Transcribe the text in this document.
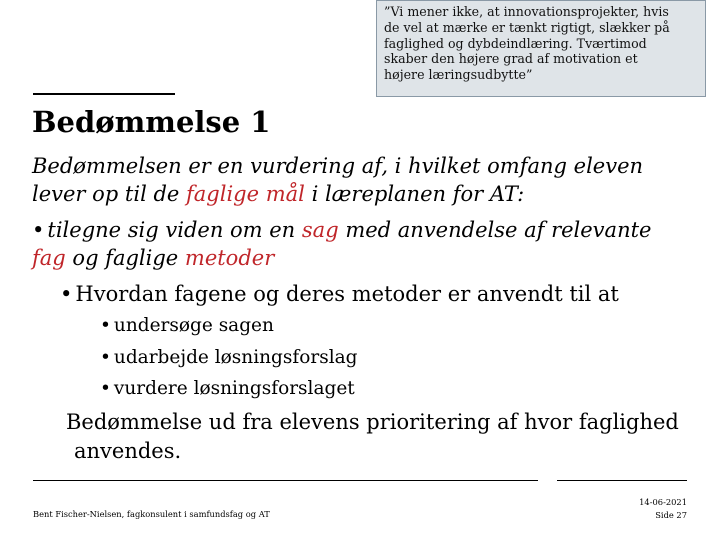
”Vi mener ikke, at innovationsprojekter, hvis
de vel at mærke er tænkt rigtigt, slækker på
faglighed og dybdeindlæring. Tværtimod
skaber den højere grad af motivation et
højere læringsudbytte”
Bedømmelse 1
Bedømmelsen er en vurdering af, i hvilket omfang eleven
lever op til de faglige mål i læreplanen for AT:
• tilegne sig viden om en sag med anvendelse af relevante
fag og faglige metoder
• Hvordan fagene og deres metoder er anvendt til at
• undersøge sagen
• udarbejde løsningsforslag
• vurdere løsningsforslaget
Bedømmelse ud fra elevens prioritering af hvor faglighed
anvendes.
Bent Fischer-Nielsen, fagkonsulent i samfundsfag og AT
14-06-2021
Side 27
